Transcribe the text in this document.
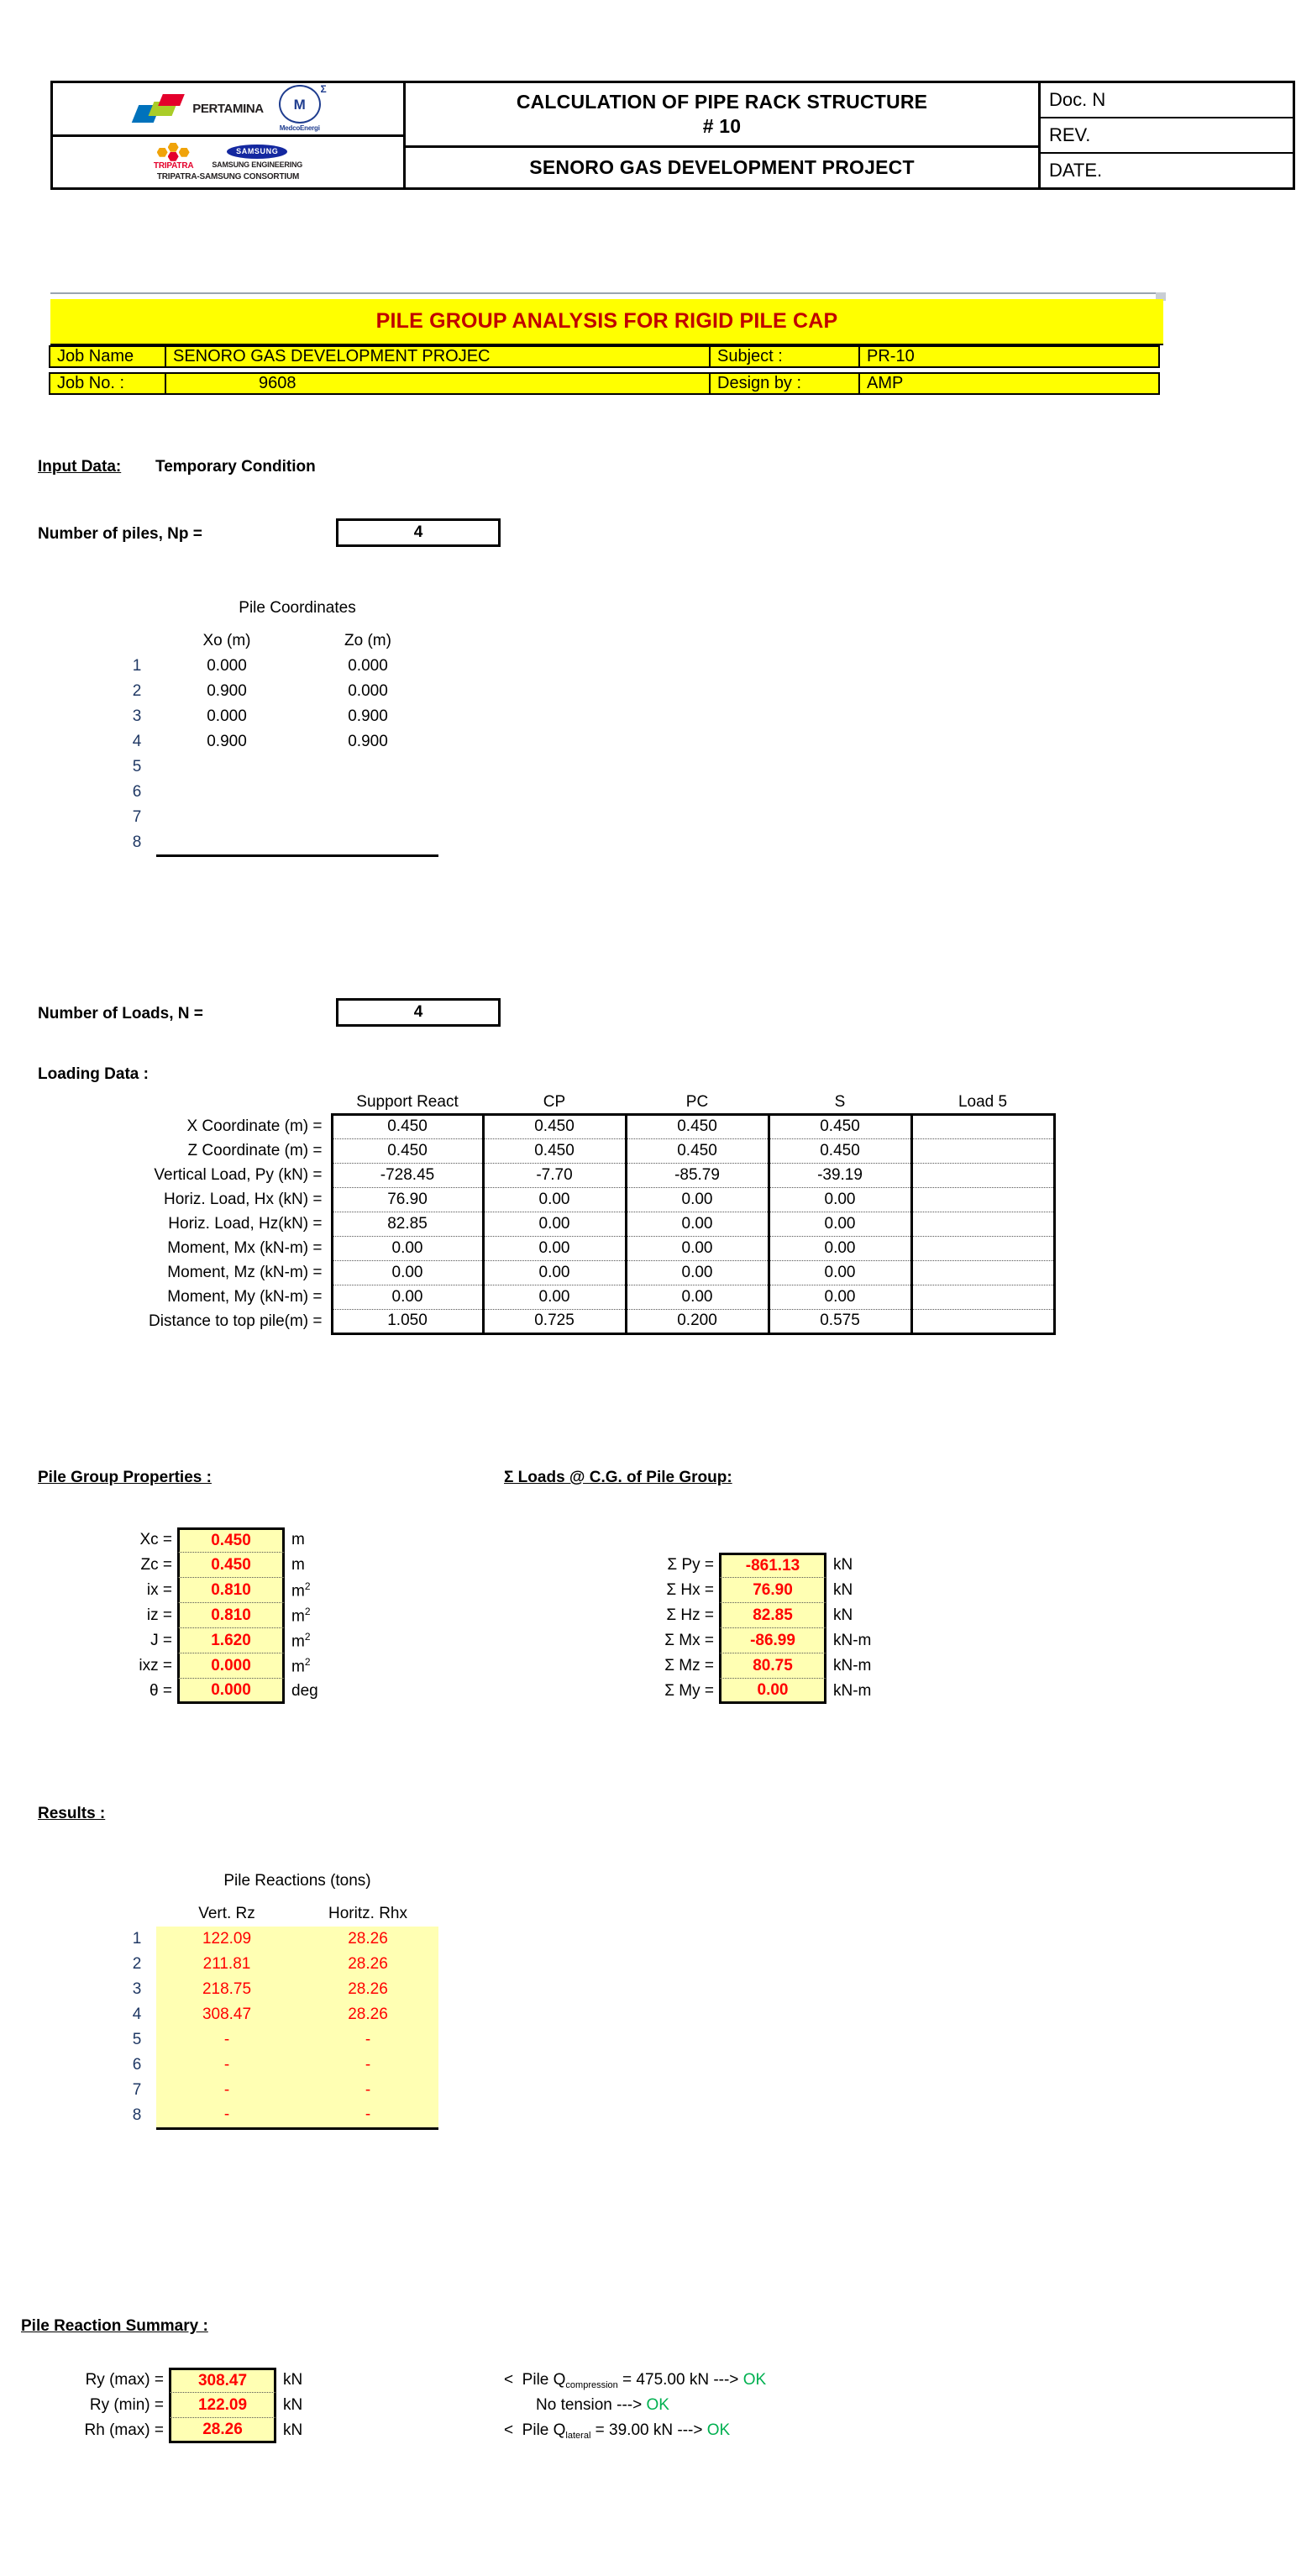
PERTAMINA M
Σ
MedcoEnergi
TRIPATRA
SAMSUNG
SAMSUNG ENGINEERING
TRIPATRA-SAMSUNG CONSORTIUM
CALCULATION OF PIPE RACK STRUCTURE
# 10
SENORO GAS DEVELOPMENT PROJECT
Doc. N
REV.
DATE.
PILE GROUP ANALYSIS FOR RIGID PILE CAP
Job Name	SENORO GAS DEVELOPMENT PROJEC	Subject :	PR-10
Job No. :	9608	Design by :	AMP
Input Data: Temporary Condition
Number of piles, Np =	4
	Pile Coordinates	
	Xo (m)	Zo (m)
1	0.000	0.000
2	0.900	0.000
3	0.000	0.900
4	0.900	0.900
5		
6		
7		
8		
Number of Loads, N =	4
Loading Data :
	Support React	CP	PC	S	Load 5
X Coordinate (m) =	0.450	0.450	0.450	0.450	
Z Coordinate (m) =	0.450	0.450	0.450	0.450	
Vertical Load, Py (kN) =	-728.45	-7.70	-85.79	-39.19	
Horiz. Load, Hx (kN) =	76.90	0.00	0.00	0.00	
Horiz. Load, Hz(kN) =	82.85	0.00	0.00	0.00	
Moment, Mx (kN-m) =	0.00	0.00	0.00	0.00	
Moment, Mz (kN-m) =	0.00	0.00	0.00	0.00	
Moment, My (kN-m) =	0.00	0.00	0.00	0.00	
Distance to top pile(m) =	1.050	0.725	0.200	0.575	
Pile Group Properties :	Σ Loads @ C.G. of Pile Group:
Xc =	0.450	m
Zc =	0.450	m
ix =	0.810	$m^2$
iz =	0.810	$m^2$
J =	1.620	$m^2$
ixz =	0.000	$m^2$
θ =	0.000	deg
Σ Py =	-861.13	kN
Σ Hx =	76.90	kN
Σ Hz =	82.85	kN
Σ Mx =	-86.99	kN-m
Σ Mz =	80.75	kN-m
Σ My =	0.00	kN-m
Results :
	Pile Reactions (tons)	
	Vert. Rz	Horitz. Rhx
1	122.09	28.26
2	211.81	28.26
3	218.75	28.26
4	308.47	28.26
5	-	-
6	-	-
7	-	-
8	-	-
Pile Reaction Summary :
Ry (max) =	308.47	kN
Ry (min) =	122.09	kN
Rh (max) =	28.26	kN
< Pile $Q_{compression} = 475.00$ kN ---> OK
No tension ---> OK
< Pile $Q_{lateral} = 39.00$ kN ---> OK
